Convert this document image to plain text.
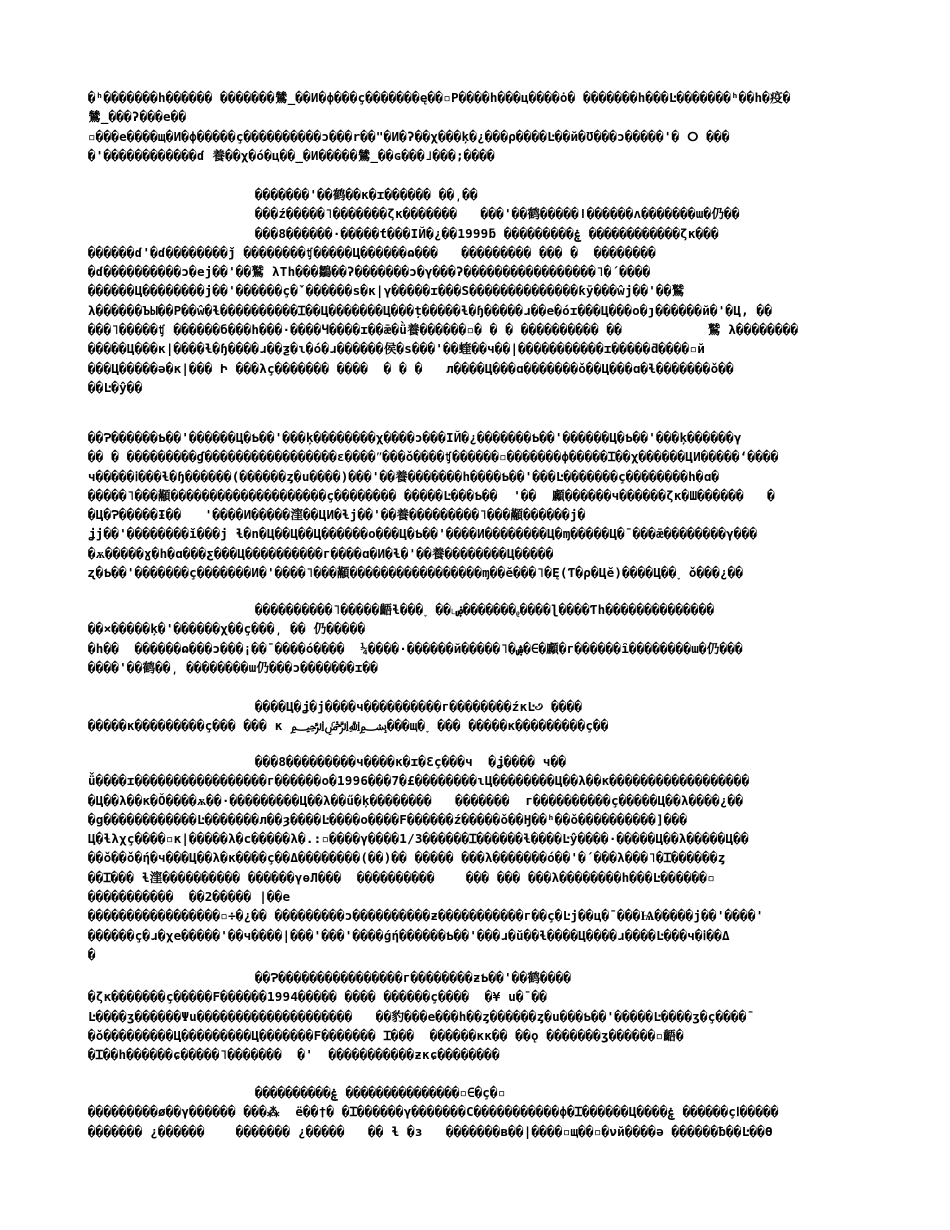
�ʰ�������h������ �������鷥_��И�ф���ç�������ę��▫P����h���ц����ȯ� �������h���Ŀ�������ʰ��h�疫�
鷥_���ʔ���e��
▫���e����щ�И�ф�����ç����������ɔ���r��"�И�ʔ��χ���ķ�¿���ρ����Ŀ��й�Ʊ���ɔ�����'� ⵔ ���
�'������������ɗ 養��χ�ό�ц��_�И�����鷥_��ɢ���˩���;����
�������'��鹤��к�ɪ������ ��͵��
���ź�����˥�������ζк�������   ���'��鹤�����ǀ������ʌ�������ɯ�仍��
���8������·�����ƭ���ІЙ�¿��1999ƃ ���������ۼ ������������ζк���
������ɗ'�ɗ��������ǰ ��������ʧ�����Ц������ɷ���   ��������� ��� �  ��������
�ɗ����������ɔ�ej��'��鷲 λΤh���鶵��ʔ�������ɔ�γ���ʔ�����������������˥�́ ����
������Ц��������j��'������ç�́`������s�к|γ�����ɪ���Ѕ��������������ƙӯ���ŵj��'��鷲
λ������ЪЫ��P��ŵ�ɬ����������Ɪ��Ц�������Ц���ț�����ɬ�ɧ�����ɹ��e�όɪ���Ц���ο�ȷ������й�'�Ц, ��
���˥�����ʧ ������б���һ���·����Ч����ɪ��ǣ�ǜ養������▫� � � ���������� ��           鷲 λ��������
�����Ц���к|����ɬ�ɧ����ɹ��ƺ�ɩ�ό�ɹ������侯�s���'��蝰��ч��|�����������ɪ�����ƌ����▫й
���Ц�����ǝ�к|��� Ի ���λç������� ����  � � �   л����Ц���ɑ�������ǒ��Ц���ɑ�ɬ�������ǒ��
��Ŀ�ŷ��
��Ɂ������Ƅ��'������Ц�Ƅ��'���ķ��������χ����ɔ���ІЙ�¿�������Ƅ��'������Ц�Ƅ��'���ķ������γ
�� � ���������ɠ�����������������ɛ����ʺ���ǒ����ʧ������▫�������ф�����Ɪ��χ������ЦИ�����ʻ����
ч�����ⅰ���ɬ�ɧ������(������ȥ�u����)���'��養�������h����Ƅ��'���Ŀ�������ç��������h�ɑ�
�����˥���顢��������������������ç�������� �����Ŀ���Ƅ��  '��  顣������ч������ζк�Ш������   �
�Ц�Ɂ�����Ɨ��   '����И�����漥��ЦИ�ɬj��'��養���������˥���顢������j�
ʝj��'��������ǐ���j ɬ�n�Ц��Ц��Ц������ο���Ц�Ƅ��'����И��������Ц�ɱ�����Ц�¯���ǣ��������γ���
�ѫ�����ɣ�h�ɑ���ƹ���Ц����������г����ɑ�И�ɬ�'��養��������Ц�����
ʐ�Ƅ��'�������ç�������И�'����˥���顢�����������������ɱ��ĕ���˥�Ę(Ƭ�ρ�Цĕ)����Ц��˯ ǒ���¿��
����������˥�����齬ɬ���˯ ��˪ۻ�������ᵨ����ɭ����Ƭh��������������
��×�����ķ�'������χ��ç���͵ �� 仍�����
�h��  ������ɷ���ɔ���¡��¯����ό����  ¼����·������й�����˥�ۺ�∈�顣�г������ȋ��������ɯ�仍���
����'��鹤��͵ ��������ɯ仍���ɔ�������ɪ��
����Ц�ʝ�j����ч����������г��������źкĿ꣹ ����
�����к���������ç��� ��� к ﷽���щ�˯ ��� �����к���������ç��
���8���������ч����к�ɪ�Ɛç���ч  �ʝ���� ч��
ǚ����ɪ�����������������г������ο�1996���7�£��������ɩЦ��������Ц��λ��к������������������
�Ц��λ��к�Ǒ����ѫ��·���������Ц��λ��ű�ķ��������   �������  г����������ç�����Ц��λ����¿��
�g������������Ŀ�������л��ȝ����Ŀ����ο����F������ź�����ǒ��Ӈ��ʰ��ǒ����������]���
Ц�ɬλχç����▫к|�����λ�c�����λ�.:▫����γ����1/3������Ɪ������ɬ����Ŀŷ����·�����Ц��λ�����Ц��
��ǒ��ǒ�ή�ч���Ц��λ�к����ç��Δ��������(��)�� ����� ���λ�������ό��'�́ ���λ���˥�Ɪ������ȥ
��Ɪ��� ɬ漥���������� ������γɵЛ���  ����������    ��� ��� ���λ��������h���Ŀ������▫
�����������  ��2����� |��e
�����������������▫÷�¿�� ���������ɔ����������ƶ�����������г��ç�Ŀj��ц�¯���Ѩ�����j��'����'
������ç�ɹ�χe�����'��ч����|���'���'����ǵή������Ƅ��'���ɹ�ŭ��ɬ����Ц����ɹ����Ŀ���ч�ⅰ��Δ
�
��Ɂ����������������г��������ƶƄ��'��鹤����
�ζк�������ç�����F������1994����� ���� ������ç����  �¥ u�¯��
Ŀ����ʒ������Ψu��������������������   ��豹���e���h��ȥ������ȥ�u���Ƅ��'�����Ŀ����ʒ�ç����¯
�ǒ���������Ц���������Ц�������F������� Ɪ���  ������кк�� ��ǫ �������ʒ������▫齬�
�Ɪ��h������ɕ�����˥�������  �'  �����������ƶкɕ��������
����������ۼ ���������������▫∈�ç�▫
���������ø��γ������ ���⁂  ë��†� �Ɪ������γ�������C�����������ф�Ɪ������Ц����ۼ ������çⅠ�����
������� ¿������    ������� ¿�����   �� ɬ �з   �������в��|����▫щ��▫�νй����ǝ ������ƀ��Ŀ��Ѳ
